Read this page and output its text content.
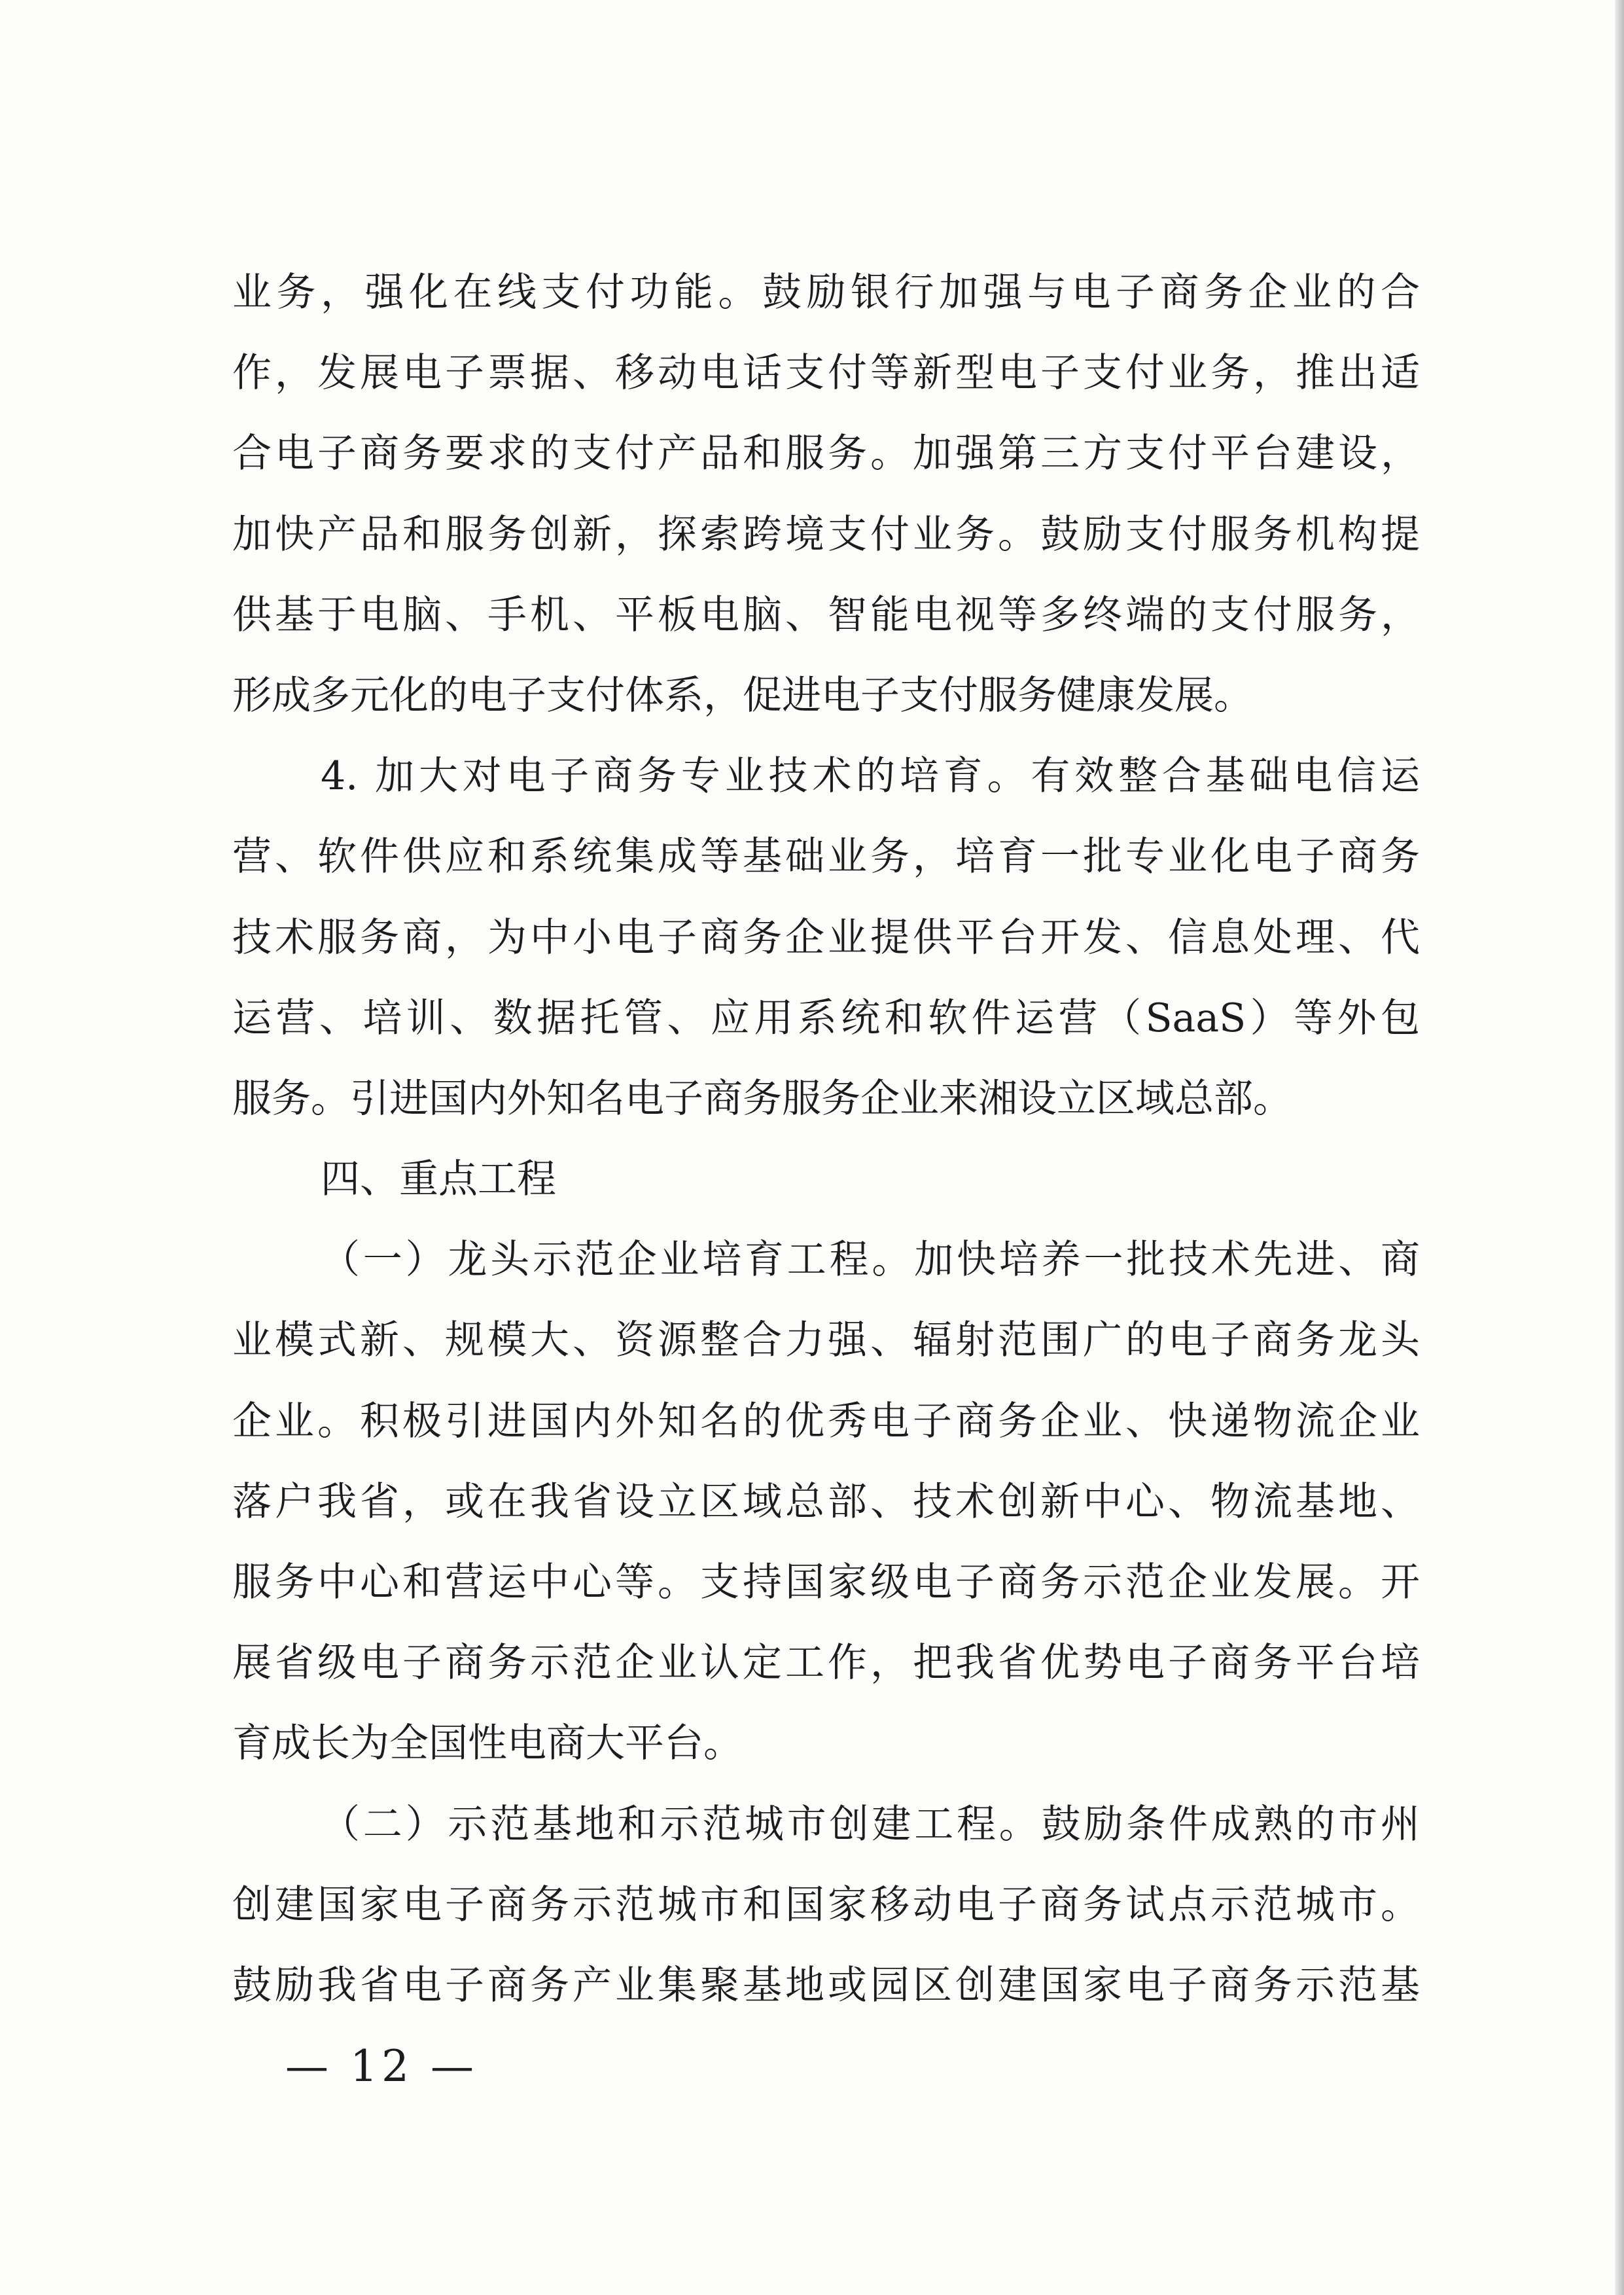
业务，强化在线支付功能。鼓励银行加强与电子商务企业的合
作，发展电子票据、移动电话支付等新型电子支付业务，推出适
合电子商务要求的支付产品和服务。加强第三方支付平台建设，
加快产品和服务创新，探索跨境支付业务。鼓励支付服务机构提
供基于电脑、手机、平板电脑、智能电视等多终端的支付服务，
形成多元化的电子支付体系，促进电子支付服务健康发展。
4. 加大对电子商务专业技术的培育。有效整合基础电信运
营、软件供应和系统集成等基础业务，培育一批专业化电子商务
技术服务商，为中小电子商务企业提供平台开发、信息处理、代
运营、培训、数据托管、应用系统和软件运营（SaaS）等外包
服务。引进国内外知名电子商务服务企业来湘设立区域总部。
四、重点工程
（一）龙头示范企业培育工程。加快培养一批技术先进、商
业模式新、规模大、资源整合力强、辐射范围广的电子商务龙头
企业。积极引进国内外知名的优秀电子商务企业、快递物流企业
落户我省，或在我省设立区域总部、技术创新中心、物流基地、
服务中心和营运中心等。支持国家级电子商务示范企业发展。开
展省级电子商务示范企业认定工作，把我省优势电子商务平台培
育成长为全国性电商大平台。
（二）示范基地和示范城市创建工程。鼓励条件成熟的市州
创建国家电子商务示范城市和国家移动电子商务试点示范城市。
鼓励我省电子商务产业集聚基地或园区创建国家电子商务示范基
— 12 —
